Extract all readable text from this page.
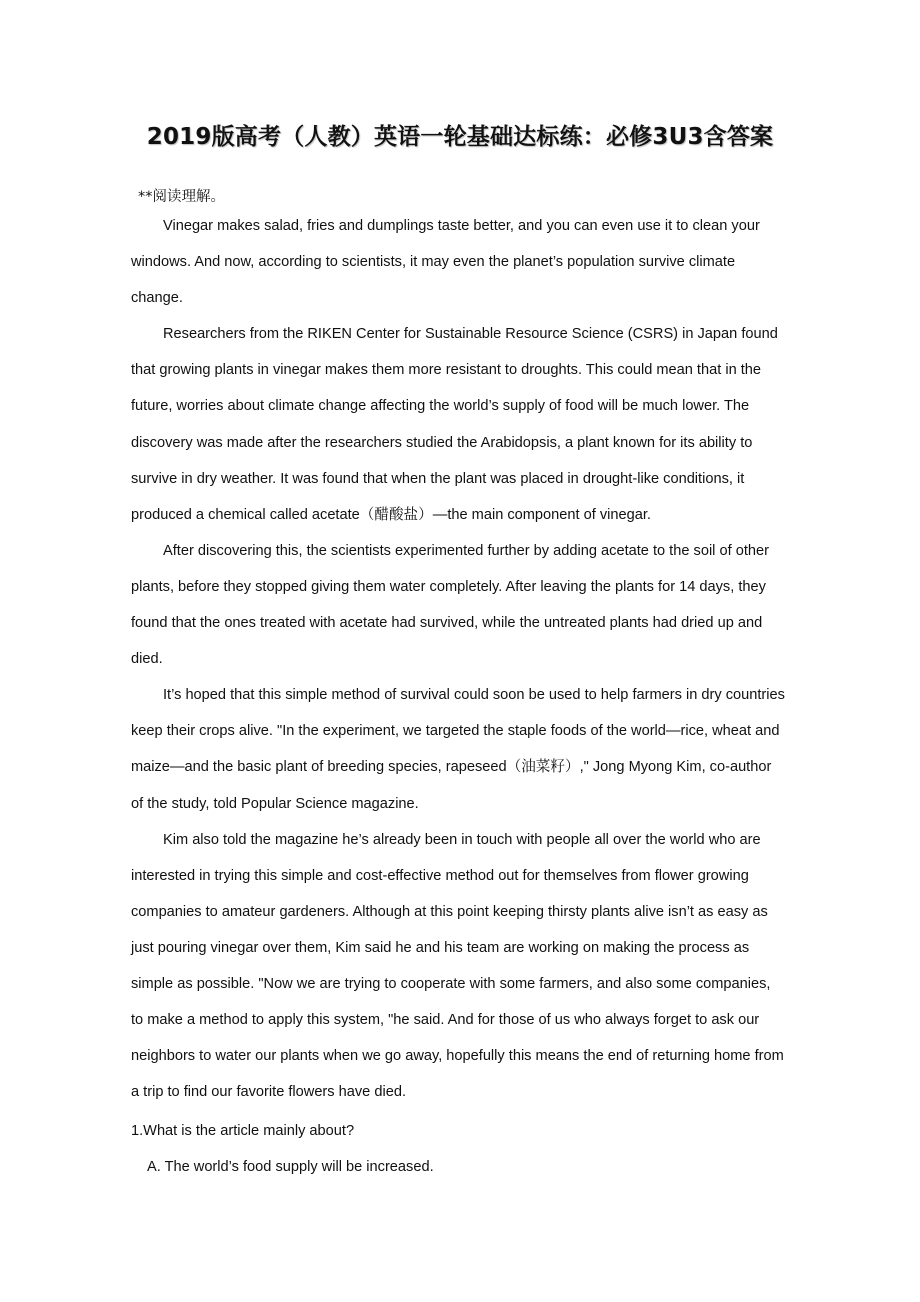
2019版高考（人教）英语一轮基础达标练：必修3U3含答案
**阅读理解。

Vinegar makes salad, fries and dumplings taste better, and you can even use it to clean your windows. And now, according to scientists, it may even the planet’s population survive climate change.

Researchers from the RIKEN Center for Sustainable Resource Science (CSRS) in Japan found that growing plants in vinegar makes them more resistant to droughts. This could mean that in the future, worries about climate change affecting the world’s supply of food will be much lower. The discovery was made after the researchers studied the Arabidopsis, a plant known for its ability to survive in dry weather. It was found that when the plant was placed in drought-like conditions, it produced a chemical called acetate（醋酸盐）—the main component of vinegar.

After discovering this, the scientists experimented further by adding acetate to the soil of other plants, before they stopped giving them water completely. After leaving the plants for 14 days, they found that the ones treated with acetate had survived, while the untreated plants had dried up and died.

It’s hoped that this simple method of survival could soon be used to help farmers in dry countries keep their crops alive. "In the experiment, we targeted the staple foods of the world—rice, wheat and maize—and the basic plant of breeding species, rapeseed（油菜籽）," Jong Myong Kim, co-author of the study, told Popular Science magazine.

Kim also told the magazine he’s already been in touch with people all over the world who are interested in trying this simple and cost-effective method out for themselves from flower growing companies to amateur gardeners. Although at this point keeping thirsty plants alive isn’t as easy as just pouring vinegar over them, Kim said he and his team are working on making the process as simple as possible. "Now we are trying to cooperate with some farmers, and also some companies, to make a method to apply this system, "he said. And for those of us who always forget to ask our neighbors to water our plants when we go away, hopefully this means the end of returning home from a trip to find our favorite flowers have died.

1.What is the article mainly about?
A. The world’s food supply will be increased.
